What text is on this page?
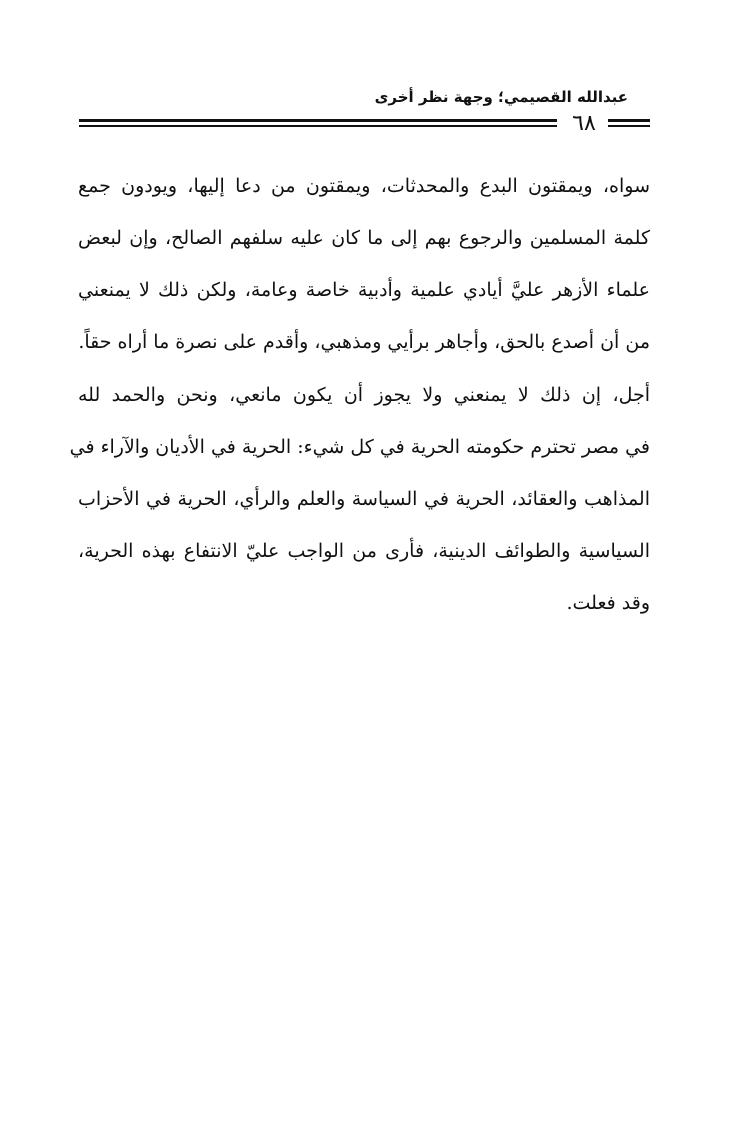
عبدالله القصيمي؛ وجهة نظر أخرى
٦٨
سواه، ويمقتون البدع والمحدثات، ويمقتون من دعا إليها، ويودون جمع
كلمة المسلمين والرجوع بهم إلى ما كان عليه سلفهم الصالح، وإن لبعض
علماء الأزهر عليَّ أيادي علمية وأدبية خاصة وعامة، ولكن ذلك لا يمنعني
من أن أصدع بالحق، وأجاهر برأيي ومذهبي، وأقدم على نصرة ما أراه حقاً.
أجل، إن ذلك لا يمنعني ولا يجوز أن يكون مانعي، ونحن والحمد لله
في مصر تحترم حكومته الحرية في كل شيء: الحرية في الأديان والآراء في
المذاهب والعقائد، الحرية في السياسة والعلم والرأي، الحرية في الأحزاب
السياسية والطوائف الدينية، فأرى من الواجب عليّ الانتفاع بهذه الحرية،
وقد فعلت.
